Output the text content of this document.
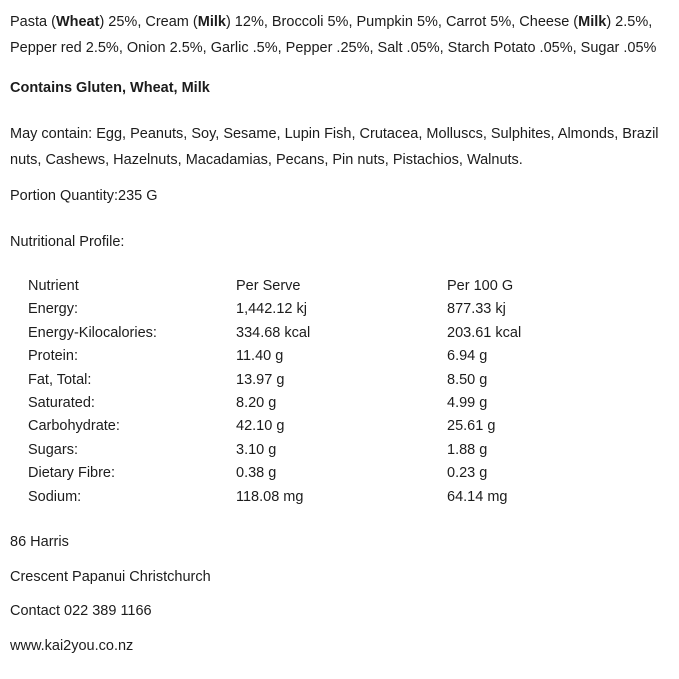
Pasta (Wheat) 25%, Cream (Milk) 12%, Broccoli 5%, Pumpkin 5%, Carrot 5%, Cheese (Milk) 2.5%, Pepper red 2.5%, Onion 2.5%, Garlic .5%, Pepper .25%, Salt .05%, Starch Potato .05%, Sugar .05%

Contains Gluten, Wheat, Milk

May contain: Egg, Peanuts, Soy, Sesame, Lupin Fish, Crutacea, Molluscs, Sulphites, Almonds, Brazil nuts, Cashews, Hazelnuts, Macadamias, Pecans, Pin nuts, Pistachios, Walnuts.

Portion Quantity:235 G

Nutritional Profile:

Nutrient	Per Serve	Per 100 G
Energy:	1,442.12 kj	877.33 kj
Energy-Kilocalories:	334.68 kcal	203.61 kcal
Protein:	11.40 g	6.94 g
Fat, Total:	13.97 g	8.50 g
Saturated:	8.20 g	4.99 g
Carbohydrate:	42.10 g	25.61 g
Sugars:	3.10 g	1.88 g
Dietary Fibre:	0.38 g	0.23 g
Sodium:	118.08 mg	64.14 mg

86 Harris

Crescent Papanui Christchurch

Contact 022 389 1166

www.kai2you.co.nz
